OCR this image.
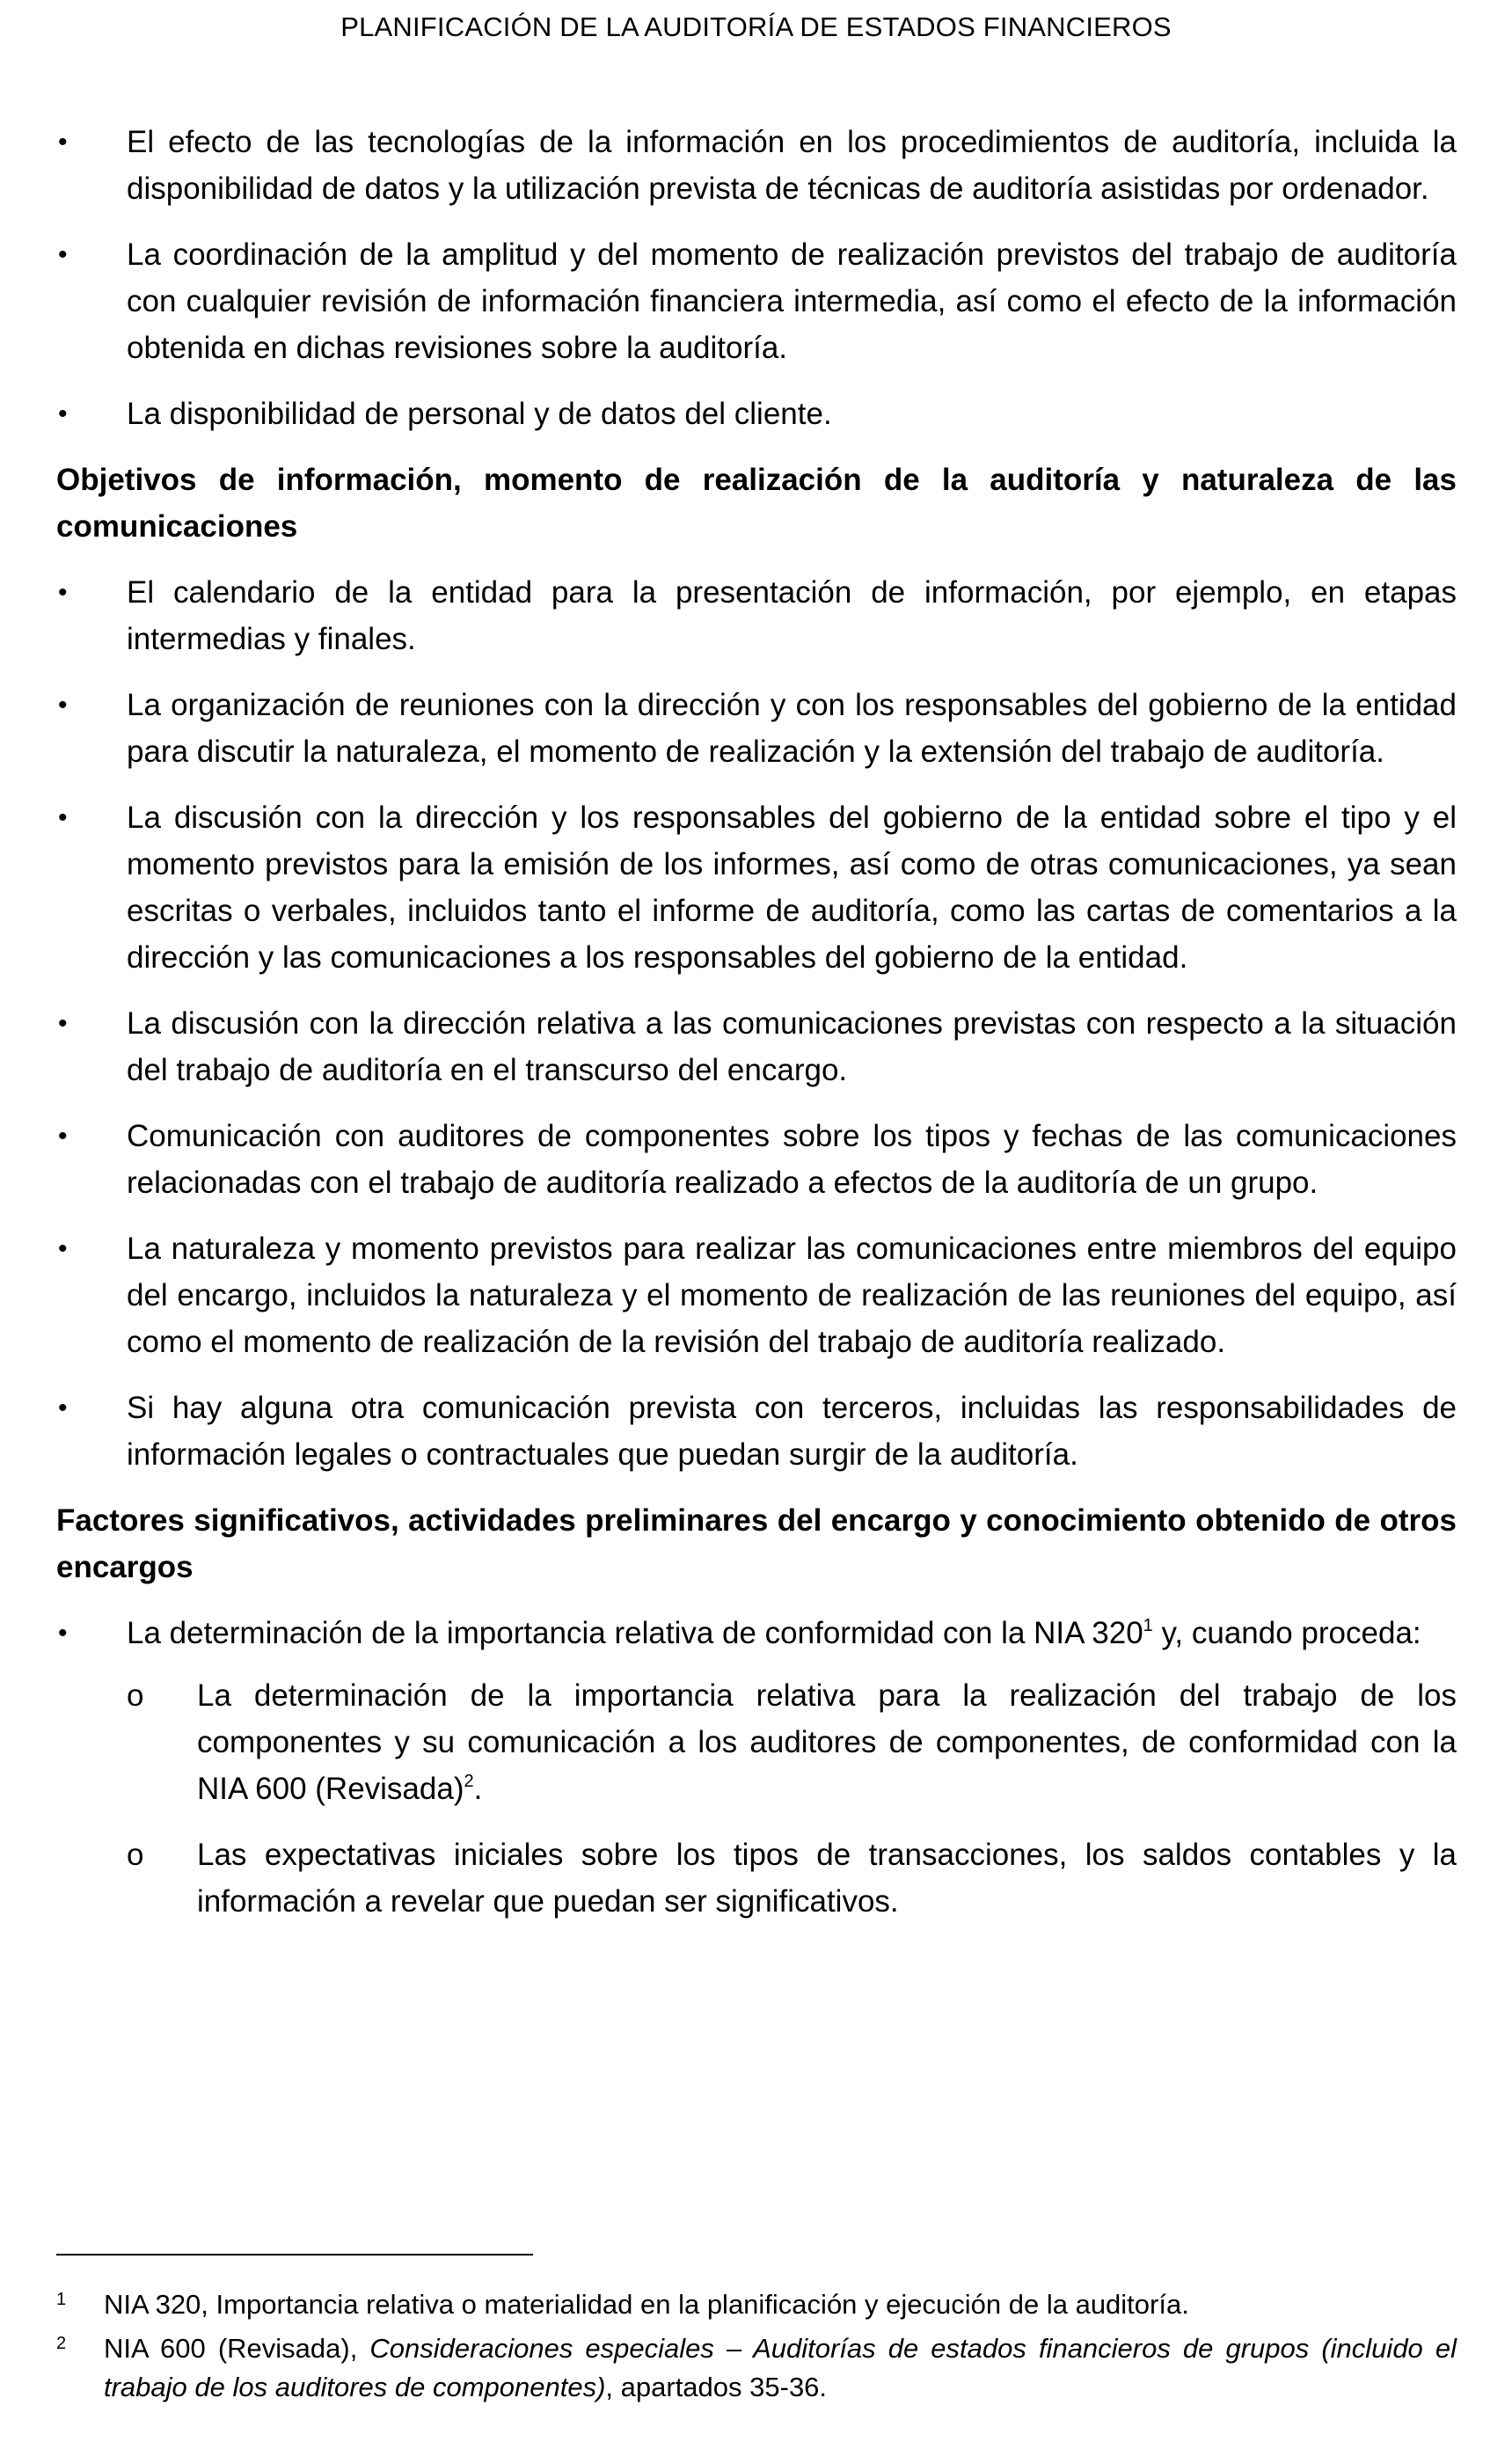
PLANIFICACIÓN DE LA AUDITORÍA DE ESTADOS FINANCIEROS
•	El efecto de las tecnologías de la información en los procedimientos de auditoría, incluida la disponibilidad de datos y la utilización prevista de técnicas de auditoría asistidas por ordenador.
•	La coordinación de la amplitud y del momento de realización previstos del trabajo de auditoría con cualquier revisión de información financiera intermedia, así como el efecto de la información obtenida en dichas revisiones sobre la auditoría.
•	La disponibilidad de personal y de datos del cliente.
Objetivos de información, momento de realización de la auditoría y naturaleza de las comunicaciones
•	El calendario de la entidad para la presentación de información, por ejemplo, en etapas intermedias y finales.
•	La organización de reuniones con la dirección y con los responsables del gobierno de la entidad para discutir la naturaleza, el momento de realización y la extensión del trabajo de auditoría.
•	La discusión con la dirección y los responsables del gobierno de la entidad sobre el tipo y el momento previstos para la emisión de los informes, así como de otras comunicaciones, ya sean escritas o verbales, incluidos tanto el informe de auditoría, como las cartas de comentarios a la dirección y las comunicaciones a los responsables del gobierno de la entidad.
•	La discusión con la dirección relativa a las comunicaciones previstas con respecto a la situación del trabajo de auditoría en el transcurso del encargo.
•	Comunicación con auditores de componentes sobre los tipos y fechas de las comunicaciones relacionadas con el trabajo de auditoría realizado a efectos de la auditoría de un grupo.
•	La naturaleza y momento previstos para realizar las comunicaciones entre miembros del equipo del encargo, incluidos la naturaleza y el momento de realización de las reuniones del equipo, así como el momento de realización de la revisión del trabajo de auditoría realizado.
•	Si hay alguna otra comunicación prevista con terceros, incluidas las responsabilidades de información legales o contractuales que puedan surgir de la auditoría.
Factores significativos, actividades preliminares del encargo y conocimiento obtenido de otros encargos
•	La determinación de la importancia relativa de conformidad con la NIA $320^1$ y, cuando proceda:
o	La determinación de la importancia relativa para la realización del trabajo de los componentes y su comunicación a los auditores de componentes, de conformidad con la NIA 600 (Revisada)$^2$.
o	Las expectativas iniciales sobre los tipos de transacciones, los saldos contables y la información a revelar que puedan ser significativos.
1 NIA 320, Importancia relativa o materialidad en la planificación y ejecución de la auditoría.
2 NIA 600 (Revisada), Consideraciones especiales – Auditorías de estados financieros de grupos (incluido el trabajo de los auditores de componentes), apartados 35-36.
